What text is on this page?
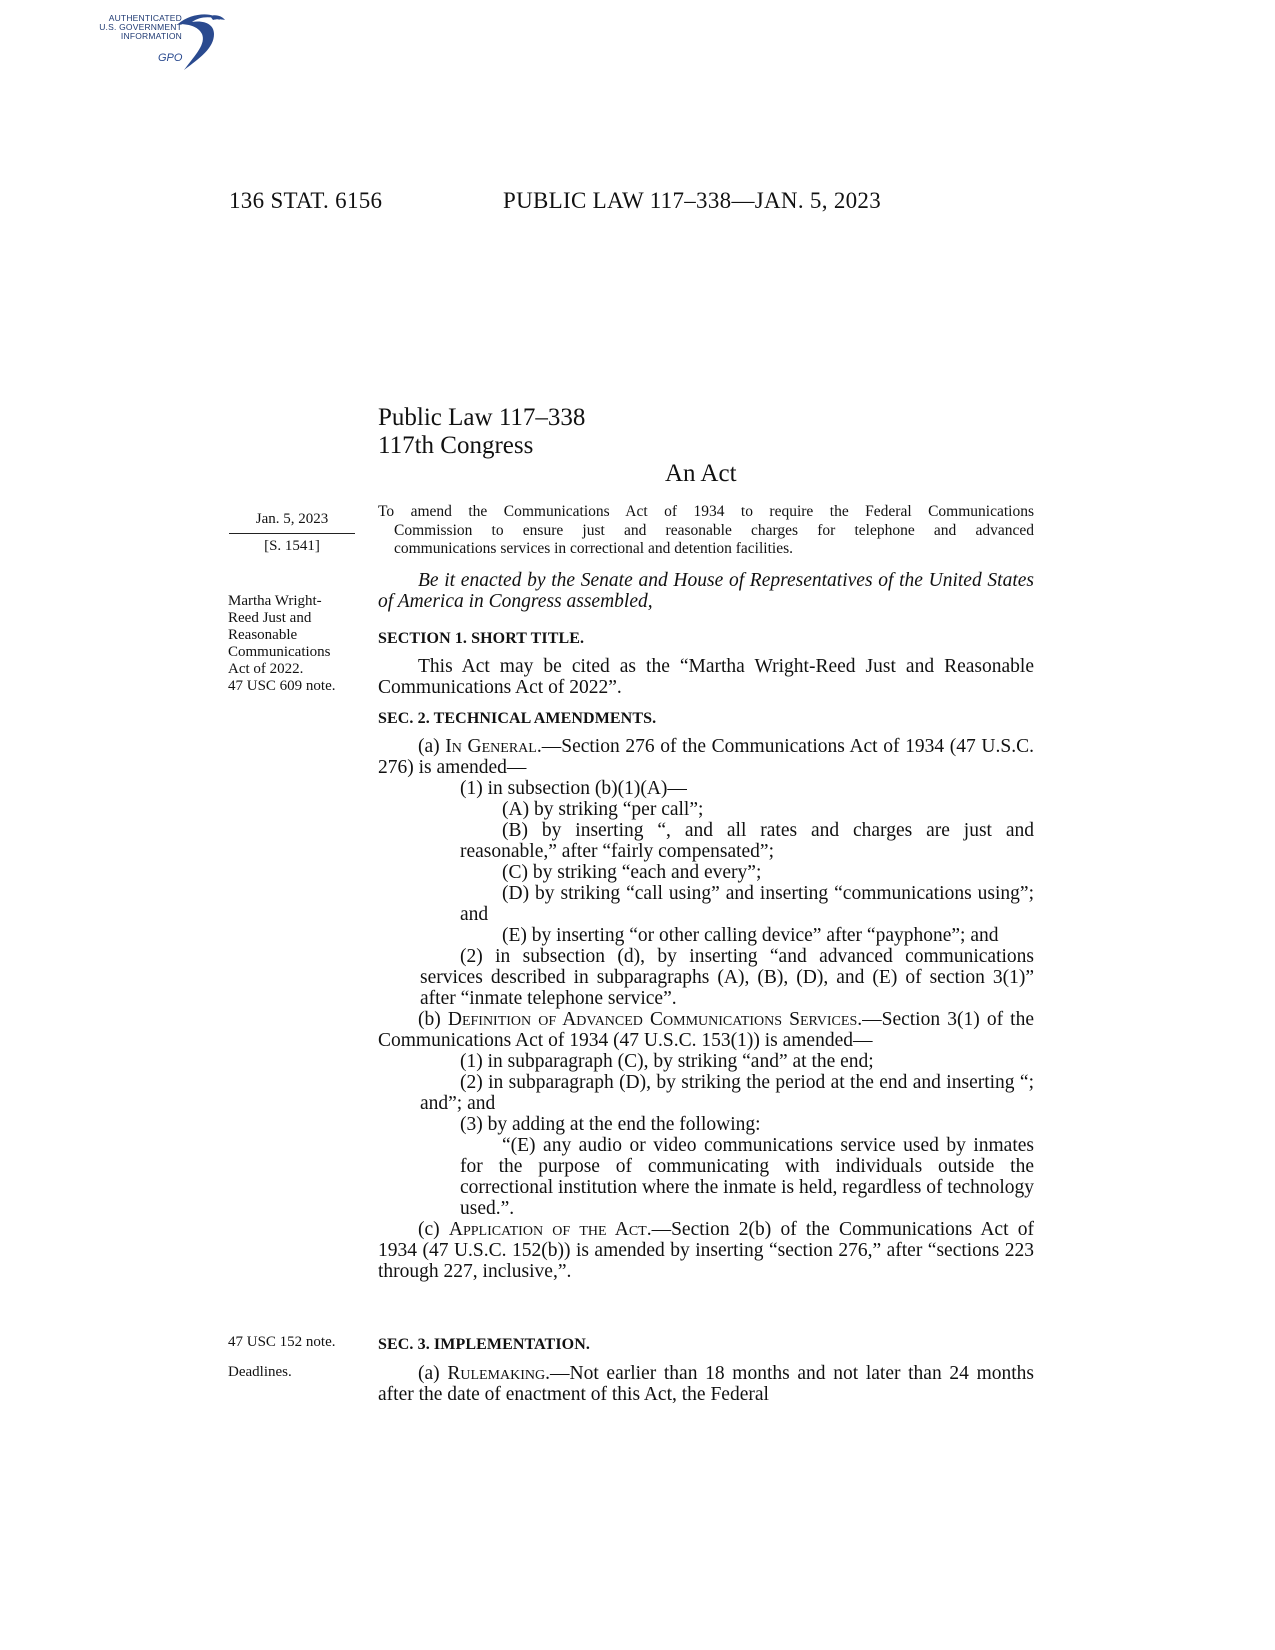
AUTHENTICATED
U.S. GOVERNMENT
INFORMATION
GPO
136 STAT. 6156	PUBLIC LAW 117–338—JAN. 5, 2023
Public Law 117–338
117th Congress
An Act
Jan. 5, 2023
[S. 1541]
To amend the Communications Act of 1934 to require the Federal Communications
Commission to ensure just and reasonable charges for telephone and advanced
communications services in correctional and detention facilities.
Martha Wright-
Reed Just and
Reasonable
Communications
Act of 2022.
47 USC 609 note.

Be it enacted by the Senate and House of Representatives of the United States of America in Congress assembled,

SECTION 1. SHORT TITLE.

This Act may be cited as the “Martha Wright-Reed Just and Reasonable Communications Act of 2022”.

SEC. 2. TECHNICAL AMENDMENTS.

(a) In General.—Section 276 of the Communications Act of 1934 (47 U.S.C. 276) is amended—

(1) in subsection (b)(1)(A)—

(A) by striking “per call”;

(B) by inserting “, and all rates and charges are just and reasonable,” after “fairly compensated”;

(C) by striking “each and every”;

(D) by striking “call using” and inserting “communications using”; and

(E) by inserting “or other calling device” after “payphone”; and

(2) in subsection (d), by inserting “and advanced communications services described in subparagraphs (A), (B), (D), and (E) of section 3(1)” after “inmate telephone service”.

(b) Definition of Advanced Communications Services.—Section 3(1) of the Communications Act of 1934 (47 U.S.C. 153(1)) is amended—

(1) in subparagraph (C), by striking “and” at the end;

(2) in subparagraph (D), by striking the period at the end and inserting “; and”; and

(3) by adding at the end the following:

“(E) any audio or video communications service used by inmates for the purpose of communicating with individuals outside the correctional institution where the inmate is held, regardless of technology used.”.

(c) Application of the Act.—Section 2(b) of the Communications Act of 1934 (47 U.S.C. 152(b)) is amended by inserting “section 276,” after “sections 223 through 227, inclusive,”.

47 USC 152 note.
Deadlines.
SEC. 3. IMPLEMENTATION.

(a) Rulemaking.—Not earlier than 18 months and not later than 24 months after the date of enactment of this Act, the Federal
